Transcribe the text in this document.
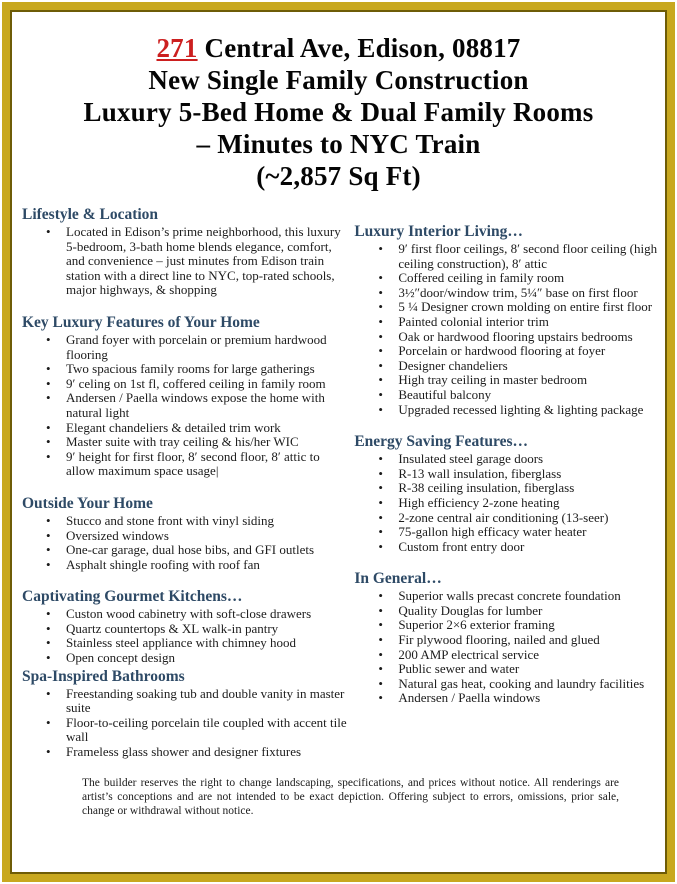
271 Central Ave, Edison, 08817
New Single Family Construction
Luxury 5-Bed Home & Dual Family Rooms
– Minutes to NYC Train
(~2,857 Sq Ft)
Lifestyle & Location
• Located in Edison’s prime neighborhood, this luxury 5-bedroom, 3-bath home blends elegance, comfort, and convenience – just minutes from Edison train station with a direct line to NYC, top-rated schools, major highways, & shopping
Key Luxury Features of Your Home
• Grand foyer with porcelain or premium hardwood flooring
• Two spacious family rooms for large gatherings
• 9′ celing on 1st fl, coffered ceiling in family room
• Andersen / Paella windows expose the home with natural light
• Elegant chandeliers & detailed trim work
• Master suite with tray ceiling & his/her WIC
• 9′ height for first floor, 8′ second floor, 8′ attic to allow maximum space usage|
Outside Your Home
• Stucco and stone front with vinyl siding
• Oversized windows
• One-car garage, dual hose bibs, and GFI outlets
• Asphalt shingle roofing with roof fan
Captivating Gourmet Kitchens…
• Custon wood cabinetry with soft-close drawers
• Quartz countertops & XL walk-in pantry
• Stainless steel appliance with chimney hood
• Open concept design
Spa-Inspired Bathrooms
• Freestanding soaking tub and double vanity in master suite
• Floor-to-ceiling porcelain tile coupled with accent tile wall
• Frameless glass shower and designer fixtures
Luxury Interior Living…
• 9′ first floor ceilings, 8′ second floor ceiling (high ceiling construction), 8′ attic
• Coffered ceiling in family room
• 3½″door/window trim, 5¼″ base on first floor
• 5 ¼ Designer crown molding on entire first floor
• Painted colonial interior trim
• Oak or hardwood flooring upstairs bedrooms
• Porcelain or hardwood flooring at foyer
• Designer chandeliers
• High tray ceiling in master bedroom
• Beautiful balcony
• Upgraded recessed lighting & lighting package
Energy Saving Features…
• Insulated steel garage doors
• R-13 wall insulation, fiberglass
• R-38 ceiling insulation, fiberglass
• High efficiency 2-zone heating
• 2-zone central air conditioning (13-seer)
• 75-gallon high efficacy water heater
• Custom front entry door
In General…
• Superior walls precast concrete foundation
• Quality Douglas for lumber
• Superior 2×6 exterior framing
• Fir plywood flooring, nailed and glued
• 200 AMP electrical service
• Public sewer and water
• Natural gas heat, cooking and laundry facilities
• Andersen / Paella windows

The builder reserves the right to change landscaping, specifications, and prices without notice. All renderings are artist’s conceptions and are not intended to be exact depiction. Offering subject to errors, omissions, prior sale, change or withdrawal without notice.
